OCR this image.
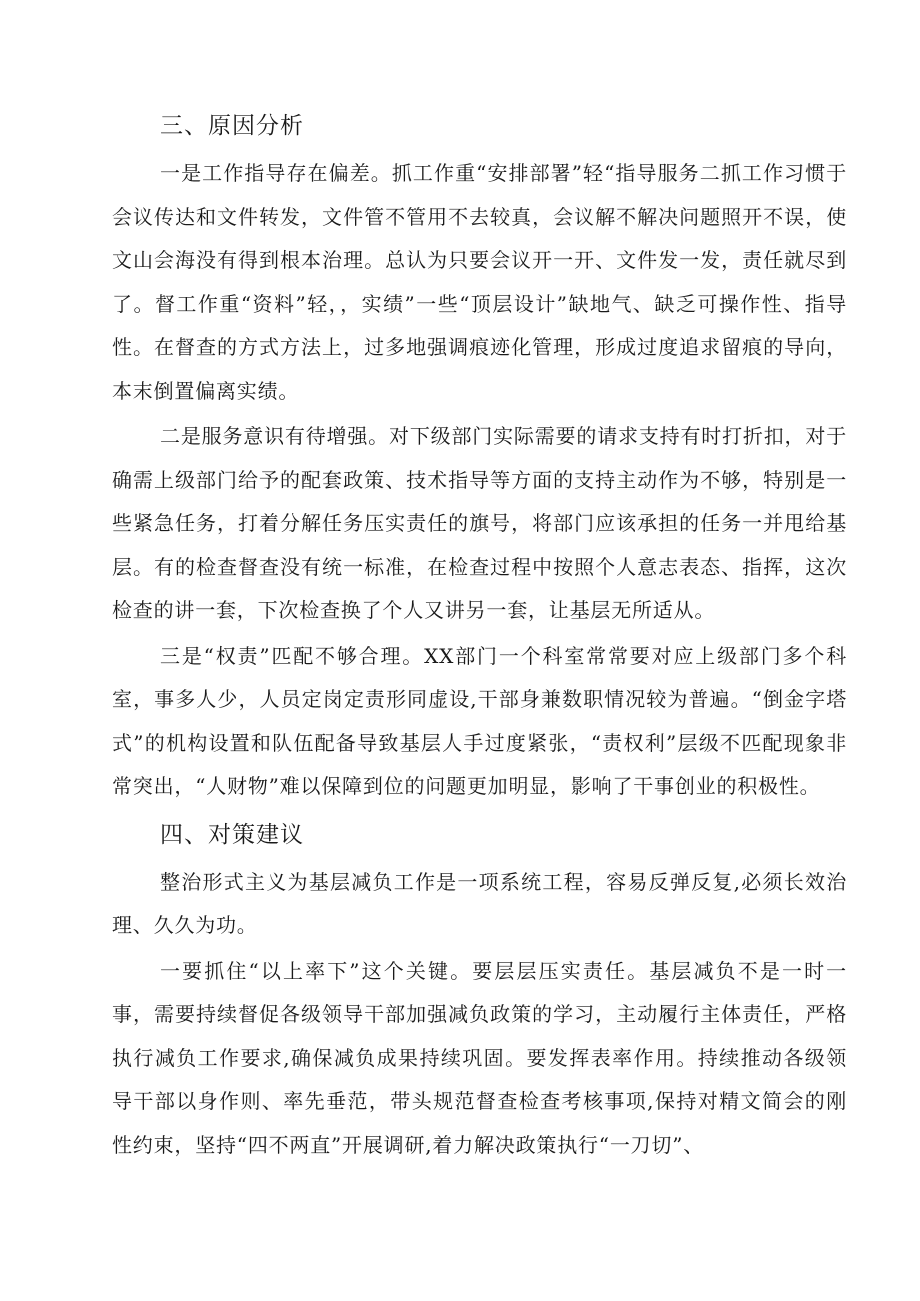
三、原因分析

一是工作指导存在偏差。抓工作重“安排部署”轻“指导服务二抓工作习惯于会议传达和文件转发，文件管不管用不去较真，会议解不解决问题照开不误，使文山会海没有得到根本治理。总认为只要会议开一开、文件发一发，责任就尽到了。督工作重“资料”轻，，实绩”一些“顶层设计”缺地气、缺乏可操作性、指导性。在督查的方式方法上，过多地强调痕迹化管理，形成过度追求留痕的导向，本末倒置偏离实绩。

二是服务意识有待增强。对下级部门实际需要的请求支持有时打折扣，对于确需上级部门给予的配套政策、技术指导等方面的支持主动作为不够，特别是一些紧急任务，打着分解任务压实责任的旗号，将部门应该承担的任务一并甩给基层。有的检查督查没有统一标准，在检查过程中按照个人意志表态、指挥，这次检查的讲一套，下次检查换了个人又讲另一套，让基层无所适从。

三是“权责”匹配不够合理。XX部门一个科室常常要对应上级部门多个科室，事多人少，人员定岗定责形同虚设,干部身兼数职情况较为普遍。“倒金字塔式”的机构设置和队伍配备导致基层人手过度紧张，“责权利”层级不匹配现象非常突出，“人财物”难以保障到位的问题更加明显，影响了干事创业的积极性。

四、对策建议

整治形式主义为基层减负工作是一项系统工程，容易反弹反复,必须长效治理、久久为功。

一要抓住“以上率下”这个关键。要层层压实责任。基层减负不是一时一事，需要持续督促各级领导干部加强减负政策的学习，主动履行主体责任，严格执行减负工作要求,确保减负成果持续巩固。要发挥表率作用。持续推动各级领导干部以身作则、率先垂范，带头规范督查检查考核事项,保持对精文简会的刚性约束，坚持“四不两直”开展调研,着力解决政策执行“一刀切”、
